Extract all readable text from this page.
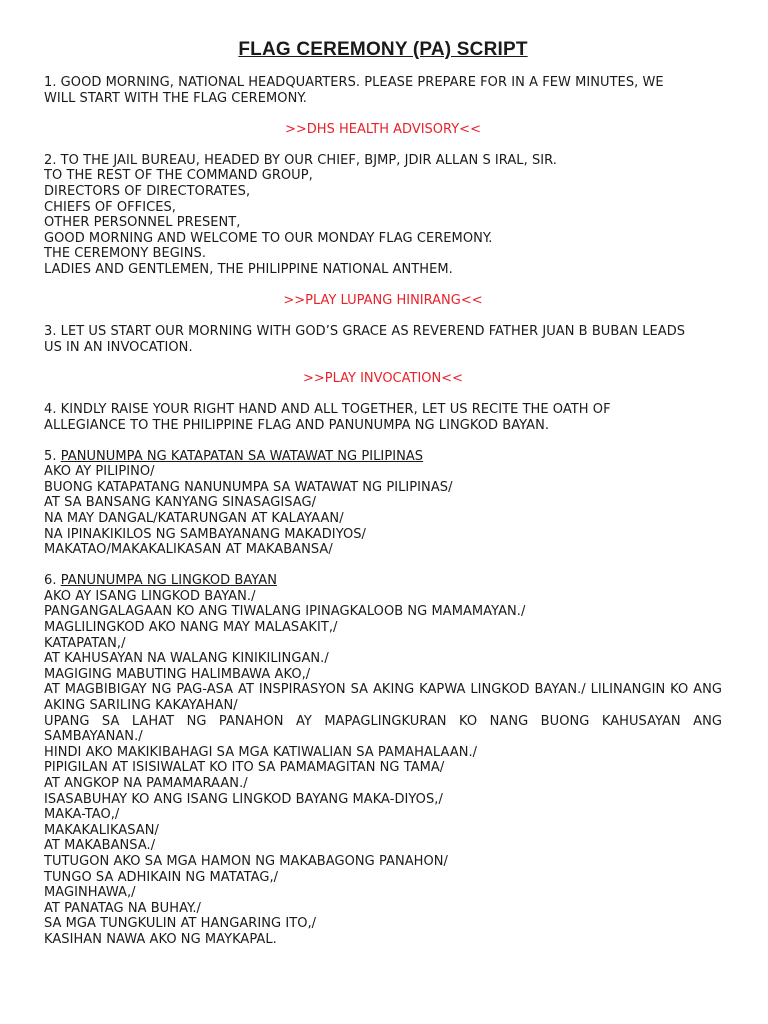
FLAG CEREMONY (PA) SCRIPT
1. GOOD MORNING, NATIONAL HEADQUARTERS. PLEASE PREPARE FOR IN A FEW MINUTES, WE
WILL START WITH THE FLAG CEREMONY.
>>DHS HEALTH ADVISORY<<
2. TO THE JAIL BUREAU, HEADED BY OUR CHIEF, BJMP, JDIR ALLAN S IRAL, SIR.
TO THE REST OF THE COMMAND GROUP,
DIRECTORS OF DIRECTORATES,
CHIEFS OF OFFICES,
OTHER PERSONNEL PRESENT,
GOOD MORNING AND WELCOME TO OUR MONDAY FLAG CEREMONY.
THE CEREMONY BEGINS.
LADIES AND GENTLEMEN, THE PHILIPPINE NATIONAL ANTHEM.
>>PLAY LUPANG HINIRANG<<
3. LET US START OUR MORNING WITH GOD’S GRACE AS REVEREND FATHER JUAN B BUBAN LEADS
US IN AN INVOCATION.
>>PLAY INVOCATION<<
4. KINDLY RAISE YOUR RIGHT HAND AND ALL TOGETHER, LET US RECITE THE OATH OF
ALLEGIANCE TO THE PHILIPPINE FLAG AND PANUNUMPA NG LINGKOD BAYAN.
5. PANUNUMPA NG KATAPATAN SA WATAWAT NG PILIPINAS
AKO AY PILIPINO/
BUONG KATAPATANG NANUNUMPA SA WATAWAT NG PILIPINAS/
AT SA BANSANG KANYANG SINASAGISAG/
NA MAY DANGAL/KATARUNGAN AT KALAYAAN/
NA IPINAKIKILOS NG SAMBAYANANG MAKADIYOS/
MAKATAO/MAKAKALIKASAN AT MAKABANSA/
6. PANUNUMPA NG LINGKOD BAYAN
AKO AY ISANG LINGKOD BAYAN./
PANGANGALAGAAN KO ANG TIWALANG IPINAGKALOOB NG MAMAMAYAN./
MAGLILINGKOD AKO NANG MAY MALASAKIT,/
KATAPATAN,/
AT KAHUSAYAN NA WALANG KINIKILINGAN./
MAGIGING MABUTING HALIMBAWA AKO,/
AT MAGBIBIGAY NG PAG-ASA AT INSPIRASYON SA AKING KAPWA LINGKOD BAYAN./ LILINANGIN KO ANG AKING SARILING KAKAYAHAN/
UPANG SA LAHAT NG PANAHON AY MAPAGLINGKURAN KO NANG BUONG KAHUSAYAN ANG SAMBAYANAN./
HINDI AKO MAKIKIBAHAGI SA MGA KATIWALIAN SA PAMAHALAAN./
PIPIGILAN AT ISISIWALAT KO ITO SA PAMAMAGITAN NG TAMA/
AT ANGKOP NA PAMAMARAAN./
ISASABUHAY KO ANG ISANG LINGKOD BAYANG MAKA-DIYOS,/
MAKA-TAO,/
MAKAKALIKASAN/
AT MAKABANSA./
TUTUGON AKO SA MGA HAMON NG MAKABAGONG PANAHON/
TUNGO SA ADHIKAIN NG MATATAG,/
MAGINHAWA,/
AT PANATAG NA BUHAY./
SA MGA TUNGKULIN AT HANGARING ITO,/
KASIHAN NAWA AKO NG MAYKAPAL.
